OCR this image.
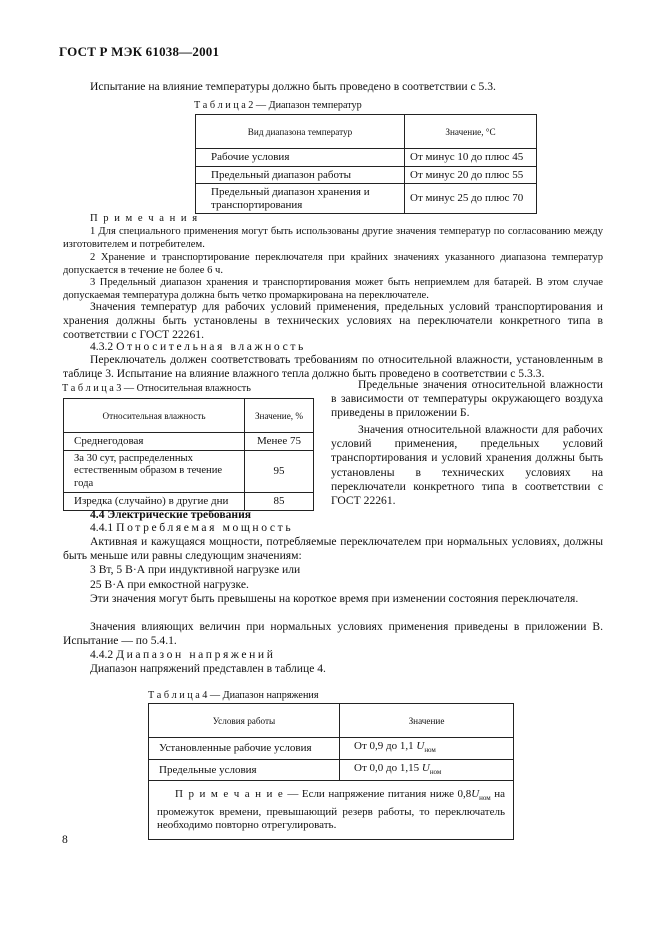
ГОСТ Р МЭК 61038—2001
Испытание на влияние температуры должно быть проведено в соответствии с 5.3.
Т а б л и ц а 2 — Диапазон температур
Вид диапазона температур	Значение, °С
Рабочие условия	От минус 10 до плюс 45
Предельный диапазон работы	От минус 20 до плюс 55
Предельный диапазон хранения и транспортирования	От минус 25 до плюс 70
П р и м е ч а н и я
1 Для специального применения могут быть использованы другие значения температур по согласованию между изготовителем и потребителем.
2 Хранение и транспортирование переключателя при крайних значениях указанного диапазона температур допускается в течение не более 6 ч.
3 Предельный диапазон хранения и транспортирования может быть неприемлем для батарей. В этом случае допускаемая температура должна быть четко промаркирована на переключателе.
Значения температур для рабочих условий применения, предельных условий транспортирования и хранения должны быть установлены в технических условиях на переключатели конкретного типа в соответствии с ГОСТ 22261.
4.3.2 Относительная влажность
Переключатель должен соответствовать требованиям по относительной влажности, установленным в таблице 3. Испытание на влияние влажного тепла должно быть проведено в соответствии с 5.3.3.
Т а б л и ц а 3 — Относительная влажность
Относительная влажность	Значение, %
Среднегодовая	Менее 75
За 30 сут, распределенных естественным образом в течение года	95
Изредка (случайно) в другие дни	85
Предельные значения относительной влажности в зависимости от температуры окружающего воздуха приведены в приложении Б.
Значения относительной влажности для рабочих условий применения, предельных условий транспортирования и условий хранения должны быть установлены в технических условиях на переключатели конкретного типа в соответствии с ГОСТ 22261.
4.4 Электрические требования
4.4.1 Потребляемая мощность
Активная и кажущаяся мощности, потребляемые переключателем при нормальных условиях, должны быть меньше или равны следующим значениям:
3 Вт, 5 В·А при индуктивной нагрузке или
25 В·А при емкостной нагрузке.
Эти значения могут быть превышены на короткое время при изменении состояния переключателя.
Значения влияющих величин при нормальных условиях применения приведены в приложении В. Испытание — по 5.4.1.
4.4.2 Диапазон напряжений
Диапазон напряжений представлен в таблице 4.
Т а б л и ц а 4 — Диапазон напряжения
Условия работы	Значение
Установленные рабочие условия	От 0,9 до 1,1 $U_{ном}$
Предельные условия	От 0,0 до 1,15 $U_{ном}$
П р и м е ч а н и е — Если напряжение питания ниже $0,8U_{ном}$ на промежуток времени, превышающий резерв работы, то переключатель необходимо повторно отрегулировать.	
8
